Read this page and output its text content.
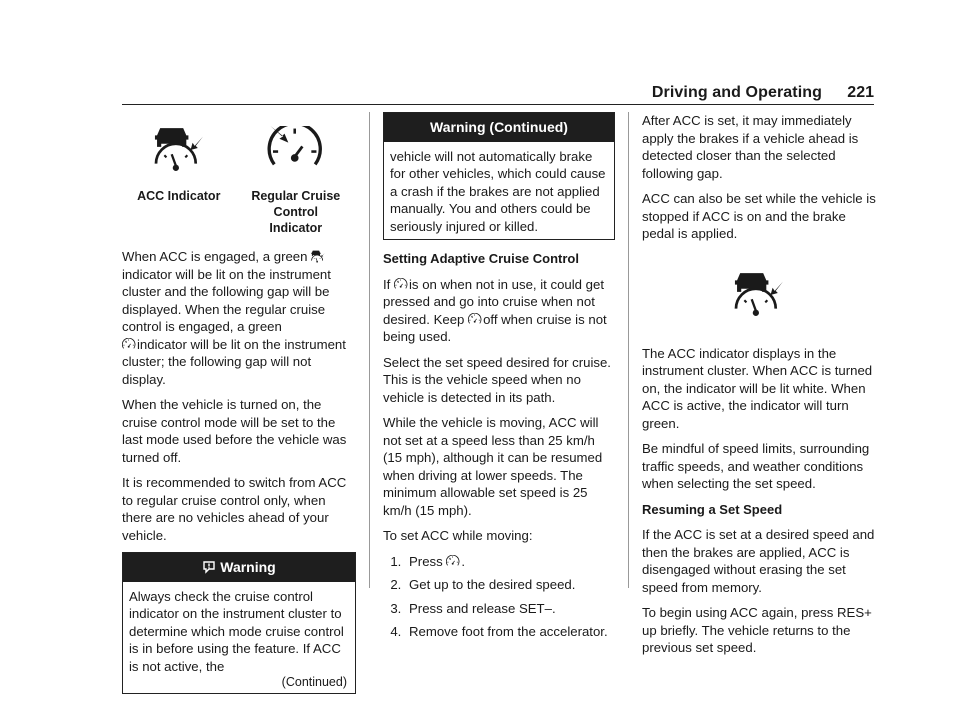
Driving and Operating 221
ACC Indicator	Regular Cruise Control
Indicator

When ACC is engaged, a green indicator will be lit on the instrument cluster and the following gap will be displayed. When the regular cruise control is engaged, a green
indicator will be lit on the instrument cluster; the following gap will not display.

When the vehicle is turned on, the cruise control mode will be set to the last mode used before the vehicle was turned off.

It is recommended to switch from ACC to regular cruise control only, when there are no vehicles ahead of your vehicle.

Warning
Always check the cruise control indicator on the instrument cluster to determine which mode cruise control is in before using the feature. If ACC is not active, the
(Continued)
Warning (Continued)
vehicle will not automatically brake for other vehicles, which could cause a crash if the brakes are not applied manually. You and others could be seriously injured or killed.
Setting Adaptive Cruise Control

If is on when not in use, it could get pressed and go into cruise when not desired. Keep off when cruise is not being used.

Select the set speed desired for cruise. This is the vehicle speed when no vehicle is detected in its path.

While the vehicle is moving, ACC will not set at a speed less than 25 km/h (15 mph), although it can be resumed when driving at lower speeds. The minimum allowable set speed is 25 km/h (15 mph).

To set ACC while moving:

1. Press .
2. Get up to the desired speed.
3. Press and release SET–.
4. Remove foot from the accelerator.

After ACC is set, it may immediately apply the brakes if a vehicle ahead is detected closer than the selected following gap.

ACC can also be set while the vehicle is stopped if ACC is on and the brake pedal is applied.

The ACC indicator displays in the instrument cluster. When ACC is turned on, the indicator will be lit white. When ACC is active, the indicator will turn green.

Be mindful of speed limits, surrounding traffic speeds, and weather conditions when selecting the set speed.

Resuming a Set Speed

If the ACC is set at a desired speed and then the brakes are applied, ACC is disengaged without erasing the set speed from memory.

To begin using ACC again, press RES+ up briefly. The vehicle returns to the previous set speed.
